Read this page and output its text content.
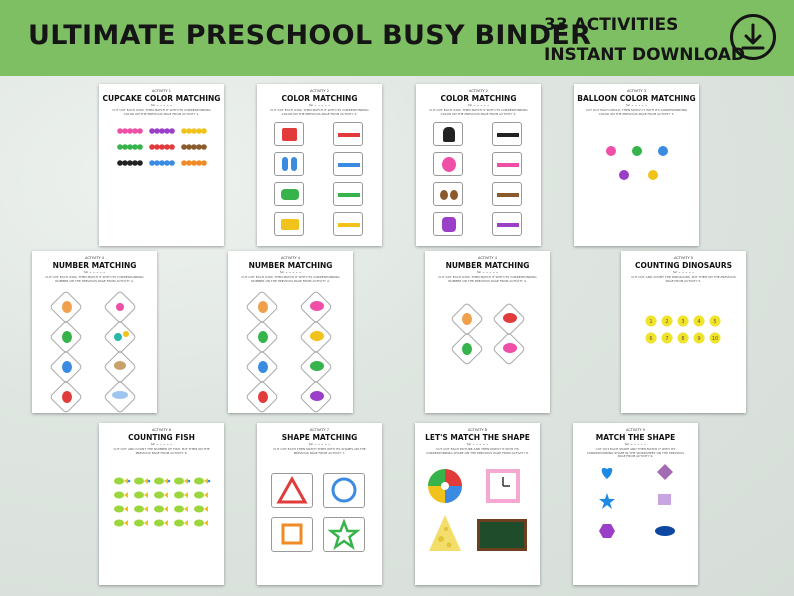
ULTIMATE PRESCHOOL BUSY BINDER
33 ACTIVITIES
INSTANT DOWNLOAD
ACTIVITY 1
CUPCAKE COLOR MATCHING
✂ - - - - -
CUT OUT EACH ICON, THEN MATCH IT WITH ITS CORRESPONDING COLOR ON THE PREVIOUS PAGE FROM ACTIVITY 1.
ACTIVITY 2
COLOR MATCHING
✂ - - - - -
CUT OUT EACH ICON, THEN MATCH IT WITH ITS CORRESPONDING COLOR ON THE PREVIOUS PAGE FROM ACTIVITY 2.
ACTIVITY 2
COLOR MATCHING
✂ - - - - -
CUT OUT EACH ICON, THEN MATCH IT WITH ITS CORRESPONDING COLOR ON THE PREVIOUS PAGE FROM ACTIVITY 2.
ACTIVITY 3
BALLOON COLOR MATCHING
✂ - - - - -
CUT OUT EACH CIRCLE, THEN MATCH IT WITH ITS CORRESPONDING COLOR ON THE PREVIOUS PAGE FROM ACTIVITY 3.
ACTIVITY 4
NUMBER MATCHING
✂ - - - - -
CUT OUT EACH ICON, THEN MATCH IT WITH ITS CORRESPONDING NUMBER ON THE PREVIOUS PAGE FROM ACTIVITY 4.
ACTIVITY 4
NUMBER MATCHING
✂ - - - - -
CUT OUT EACH ICON, THEN MATCH IT WITH ITS CORRESPONDING NUMBER ON THE PREVIOUS PAGE FROM ACTIVITY 4.
ACTIVITY 4
NUMBER MATCHING
✂ - - - - -
CUT OUT EACH ICON, THEN MATCH IT WITH ITS CORRESPONDING NUMBER ON THE PREVIOUS PAGE FROM ACTIVITY 4.
ACTIVITY 5
COUNTING DINOSAURS
✂ - - - - -
CUT OUT AND COUNT THE DINOSAURS. PUT THEM ON THE PREVIOUS PAGE FROM ACTIVITY 5.
1	2	3	4	5
6	7	8	9 10
ACTIVITY 6
COUNTING FISH
✂ - - - - -
CUT OUT AND COUNT THE NUMBER OF FISH. PUT THEM ON THE PREVIOUS PAGE FROM ACTIVITY 6.
ACTIVITY 7
SHAPE MATCHING
✂ - - - - -
CUT OUT EACH THEN MATCH THEM WITH ITS SHAPES ON THE PREVIOUS PAGE FROM ACTIVITY 7.
ACTIVITY 8
LET'S MATCH THE SHAPE
✂ - - - - -
CUT OUT EACH PICTURE AND THEN MATCH IT WITH ITS CORRESPONDING SHAPE ON THE PREVIOUS PAGE FROM ACTIVITY 8.
ACTIVITY 9
MATCH THE SHAPE
✂ - - - - -
CUT OUT EACH SHAPE AND THEN MATCH IT WITH ITS CORRESPONDING SHAPE IN THE WORKSHEET ON THE PREVIOUS PAGE FROM ACTIVITY 9.
